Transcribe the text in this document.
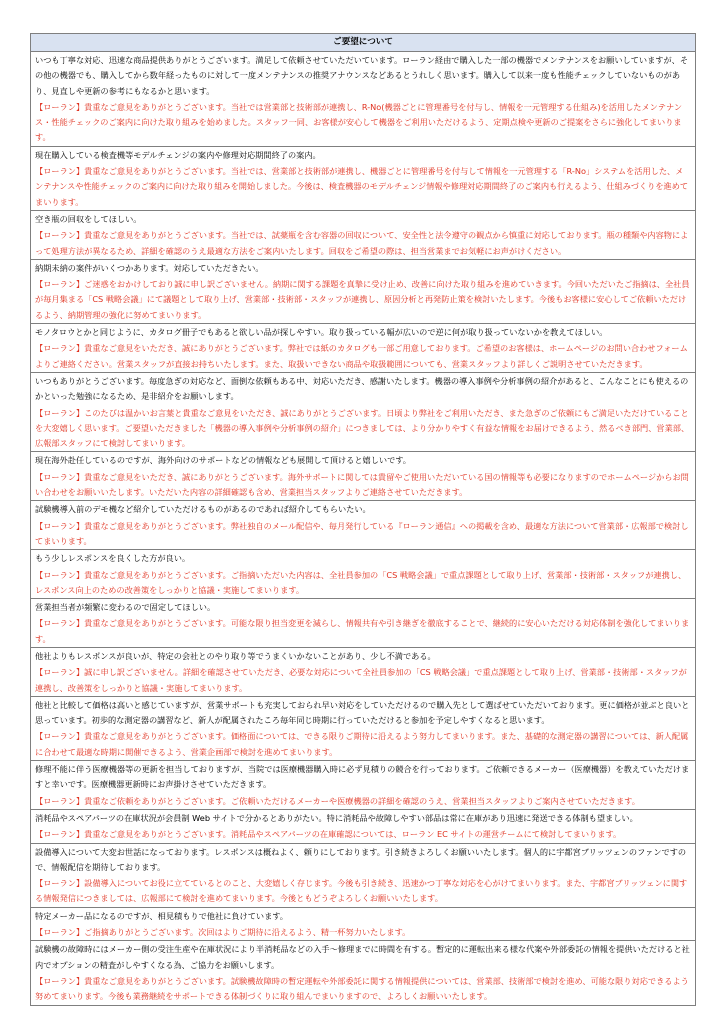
ご要望について
いつも丁寧な対応、迅速な商品提供ありがとうございます。満足して依頼させていただいています。ローラン経由で購入した一部の機器でメンテナンスをお願いしていますが、その他の機器でも、購入してから数年経ったものに対して一度メンテナンスの推奨アナウンスなどあるとうれしく思います。購入して以来一度も性能チェックしていないものがあり、見直しや更新の参考にもなるかと思います。
【ローラン】貴重なご意見をありがとうございます。当社では営業部と技術部が連携し、R-No(機器ごとに管理番号を付与し、情報を一元管理する仕組み)を活用したメンテナンス・性能チェックのご案内に向けた取り組みを始めました。スタッフ一同、お客様が安心して機器をご利用いただけるよう、定期点検や更新のご提案をさらに強化してまいります。
現在購入している検査機等モデルチェンジの案内や修理対応期間終了の案内。
【ローラン】貴重なご意見をありがとうございます。当社では、営業部と技術部が連携し、機器ごとに管理番号を付与して情報を一元管理する「R-No」システムを活用した、メンテナンスや性能チェックのご案内に向けた取り組みを開始しました。今後は、検査機器のモデルチェンジ情報や修理対応期間終了のご案内も行えるよう、仕組みづくりを進めてまいります。
空き瓶の回収をしてほしい。
【ローラン】貴重なご意見をありがとうございます。当社では、試薬瓶を含む容器の回収について、安全性と法令遵守の観点から慎重に対応しております。瓶の種類や内容物によって処理方法が異なるため、詳細を確認のうえ最適な方法をご案内いたします。回収をご希望の際は、担当営業までお気軽にお声がけください。
納期未納の案件がいくつかあります。対応していただきたい。
【ローラン】ご迷惑をおかけしており誠に申し訳ございません。納期に関する課題を真摯に受け止め、改善に向けた取り組みを進めていきます。今回いただいたご指摘は、全社員が毎月集まる「CS 戦略会議」にて議題として取り上げ、営業部・技術部・スタッフが連携し、原因分析と再発防止策を検討いたします。今後もお客様に安心してご依頼いただけるよう、納期管理の強化に努めてまいります。
モノタロウとかと同じように、カタログ冊子でもあると欲しい品が探しやすい。取り扱っている幅が広いので逆に何が取り扱っていないかを教えてほしい。
【ローラン】貴重なご意見をいただき、誠にありがとうございます。弊社では紙のカタログも一部ご用意しております。ご希望のお客様は、ホームページのお問い合わせフォームよりご連絡ください。営業スタッフが直接お持ちいたします。また、取扱いできない商品や取扱範囲についても、営業スタッフより詳しくご説明させていただきます。
いつもありがとうございます。毎度急ぎの対応など、面倒な依頼もある中、対応いただき、感謝いたします。機器の導入事例や分析事例の紹介があると、こんなことにも使えるのかといった勉強になるため、是非紹介をお願いします。
【ローラン】このたびは温かいお言葉と貴重なご意見をいただき、誠にありがとうございます。日頃より弊社をご利用いただき、また急ぎのご依頼にもご満足いただけていることを大変嬉しく思います。ご要望いただきました「機器の導入事例や分析事例の紹介」につきましては、より分かりやすく有益な情報をお届けできるよう、然るべき部門、営業部、広報部スタッフにて検討してまいります。
現在海外赴任しているのですが、海外向けのサポートなどの情報なども展開して頂けると嬉しいです。
【ローラン】貴重なご意見をいただき、誠にありがとうございます。海外サポートに関しては貴留やご使用いただいている国の情報等も必要になりますのでホームページからお問い合わせをお願いいたします。いただいた内容の詳細確認も含め、営業担当スタッフよりご連絡させていただきます。
試験機導入前のデモ機など紹介していただけるものがあるのであれば紹介してもらいたい。
【ローラン】貴重なご意見をありがとうございます。弊社独自のメール配信や、毎月発行している『ローラン通信』への掲載を含め、最適な方法について営業部・広報部で検討してまいります。
もう少しレスポンスを良くした方が良い。
【ローラン】貴重なご意見をありがとうございます。ご指摘いただいた内容は、全社員参加の「CS 戦略会議」で重点課題として取り上げ、営業部・技術部・スタッフが連携し、レスポンス向上のための改善策をしっかりと協議・実施してまいります。
営業担当者が頻繁に変わるので固定してほしい。
【ローラン】貴重なご意見をありがとうございます。可能な限り担当変更を減らし、情報共有や引き継ぎを徹底することで、継続的に安心いただける対応体制を強化してまいります。
他社よりもレスポンスが良いが、特定の会社とのやり取り等でうまくいかないことがあり、少し不満である。
【ローラン】誠に申し訳ございません。詳細を確認させていただき、必要な対応について全社員参加の「CS 戦略会議」で重点課題として取り上げ、営業部・技術部・スタッフが連携し、改善策をしっかりと協議・実施してまいります。
他社と比較して価格は高いと感じていますが、営業サポートも充実しておられ早い対応をしていただけるので購入先として選ばせていただいております。更に価格が並ぶと良いと思っています。初歩的な測定器の講習など、新人が配属されたころ毎年同じ時期に行っていただけると参加を予定しやすくなると思います。
【ローラン】貴重なご意見をありがとうございます。価格面については、できる限りご期待に沿えるよう努力してまいります。また、基礎的な測定器の講習については、新人配属に合わせて最適な時期に開催できるよう、営業企画部で検討を進めてまいります。
修理不能に伴う医療機器等の更新を担当しておりますが、当院では医療機器購入時に必ず見積りの競合を行っております。ご依頼できるメーカー（医療機器）を教えていただけますと幸いです。医療機器更新時にお声掛けさせていただきます。
【ローラン】貴重なご依頼をありがとうございます。ご依頼いただけるメーカーや医療機器の詳細を確認のうえ、営業担当スタッフよりご案内させていただきます。
消耗品やスペアパーツの在庫状況が会員制 Web サイトで分かるとありがたい。特に消耗品や故障しやすい部品は常に在庫があり迅速に発送できる体制も望ましい。
【ローラン】貴重なご意見をありがとうございます。消耗品やスペアパーツの在庫確認については、ローラン EC サイトの運営チームにて検討してまいります。
設備導入について大変お世話になっております。レスポンスは概ねよく、頼りにしております。引き続きよろしくお願いいたします。個人的に宇都宮ブリッツェンのファンですので、情報配信を期待しております。
【ローラン】設備導入についてお役に立てているとのこと、大変嬉しく存じます。今後も引き続き、迅速かつ丁寧な対応を心がけてまいります。また、宇都宮ブリッツェンに関する情報発信につきましては、広報部にて検討を進めてまいります。今後ともどうぞよろしくお願いいたします。
特定メーカー品になるのですが、相見積もりで他社に負けています。
【ローラン】ご指摘ありがとうございます。次回はよりご期待に沿えるよう、精一杯努力いたします。
試験機の故障時にはメーカー側の受注生産や在庫状況により半消耗品などの入手～修理までに時間を有する。暫定的に運転出来る様な代案や外部委託の情報を提供いただけると社内でオプションの精査がしやすくなる為、ご協力をお願いします。
【ローラン】貴重なご意見をありがとうございます。試験機故障時の暫定運転や外部委託に関する情報提供については、営業部、技術部で検討を進め、可能な限り対応できるよう努めてまいります。今後も業務継続をサポートできる体制づくりに取り組んでまいりますので、よろしくお願いいたします。
